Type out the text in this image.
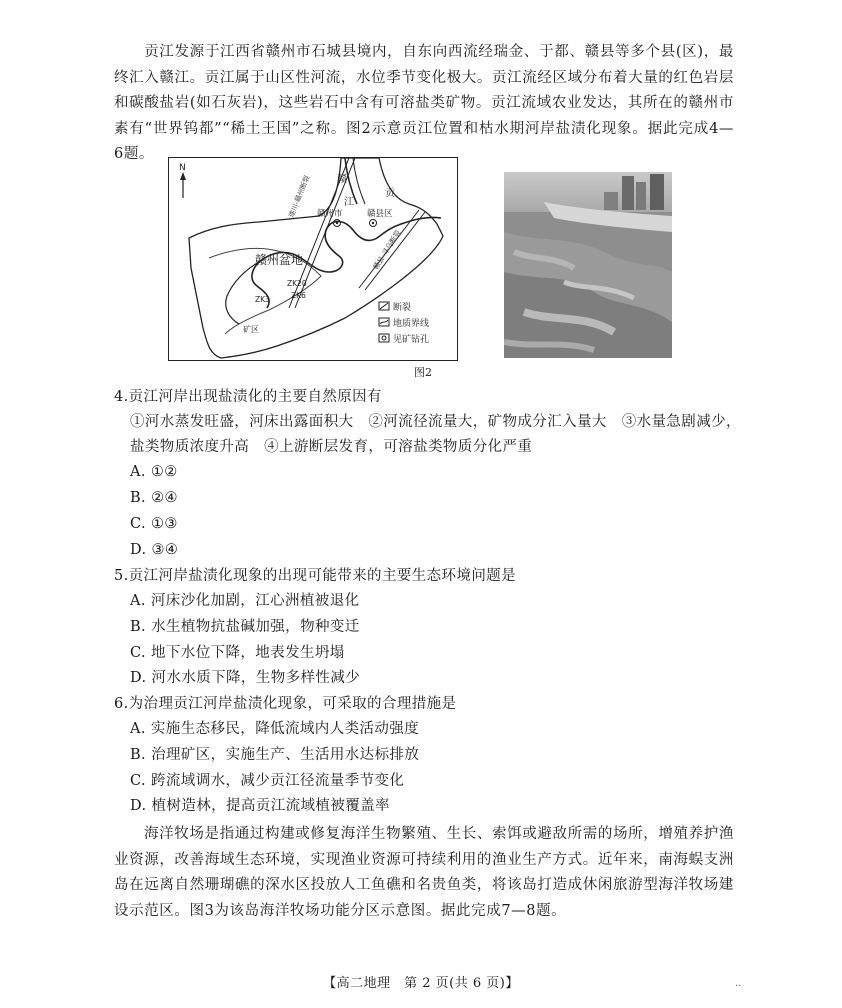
贡江发源于江西省赣州市石城县境内，自东向西流经瑞金、于都、赣县等多个县(区)，最终汇入赣江。贡江属于山区性河流，水位季节变化极大。贡江流经区域分布着大量的红色岩层和碳酸盐岩(如石灰岩)，这些岩石中含有可溶盐类矿物。贡江流域农业发达，其所在的赣州市素有“世界钨都”“稀土王国”之称。图2示意贡江位置和枯水期河岸盐渍化现象。据此完成4—6题。
N
赣
江
赣州市	赣县区
贡
赣州盆地
ZK20
ZK6
ZK3
矿区
遂川-赣州断裂
赣县-寻乌断裂
断裂
地质界线
见矿钻孔
图2
4.贡江河岸出现盐渍化的主要自然原因有
①河水蒸发旺盛，河床出露面积大　②河流径流量大，矿物成分汇入量大　③水量急剧减少，
盐类物质浓度升高　④上游断层发育，可溶盐类物质分化严重
A. ①②
B. ②④
C. ①③
D. ③④
5.贡江河岸盐渍化现象的出现可能带来的主要生态环境问题是
A. 河床沙化加剧，江心洲植被退化
B. 水生植物抗盐碱加强，物种变迁
C. 地下水位下降，地表发生坍塌
D. 河水水质下降，生物多样性减少
6.为治理贡江河岸盐渍化现象，可采取的合理措施是
A. 实施生态移民，降低流域内人类活动强度
B. 治理矿区，实施生产、生活用水达标排放
C. 跨流域调水，减少贡江径流量季节变化
D. 植树造林，提高贡江流域植被覆盖率
海洋牧场是指通过构建或修复海洋生物繁殖、生长、索饵或避敌所需的场所，增殖养护渔业资源，改善海域生态环境，实现渔业资源可持续利用的渔业生产方式。近年来，南海蜈支洲岛在远离自然珊瑚礁的深水区投放人工鱼礁和名贵鱼类，将该岛打造成休闲旅游型海洋牧场建设示范区。图3为该岛海洋牧场功能分区示意图。据此完成7—8题。
【高二地理　第 2 页(共 6 页)】	..
